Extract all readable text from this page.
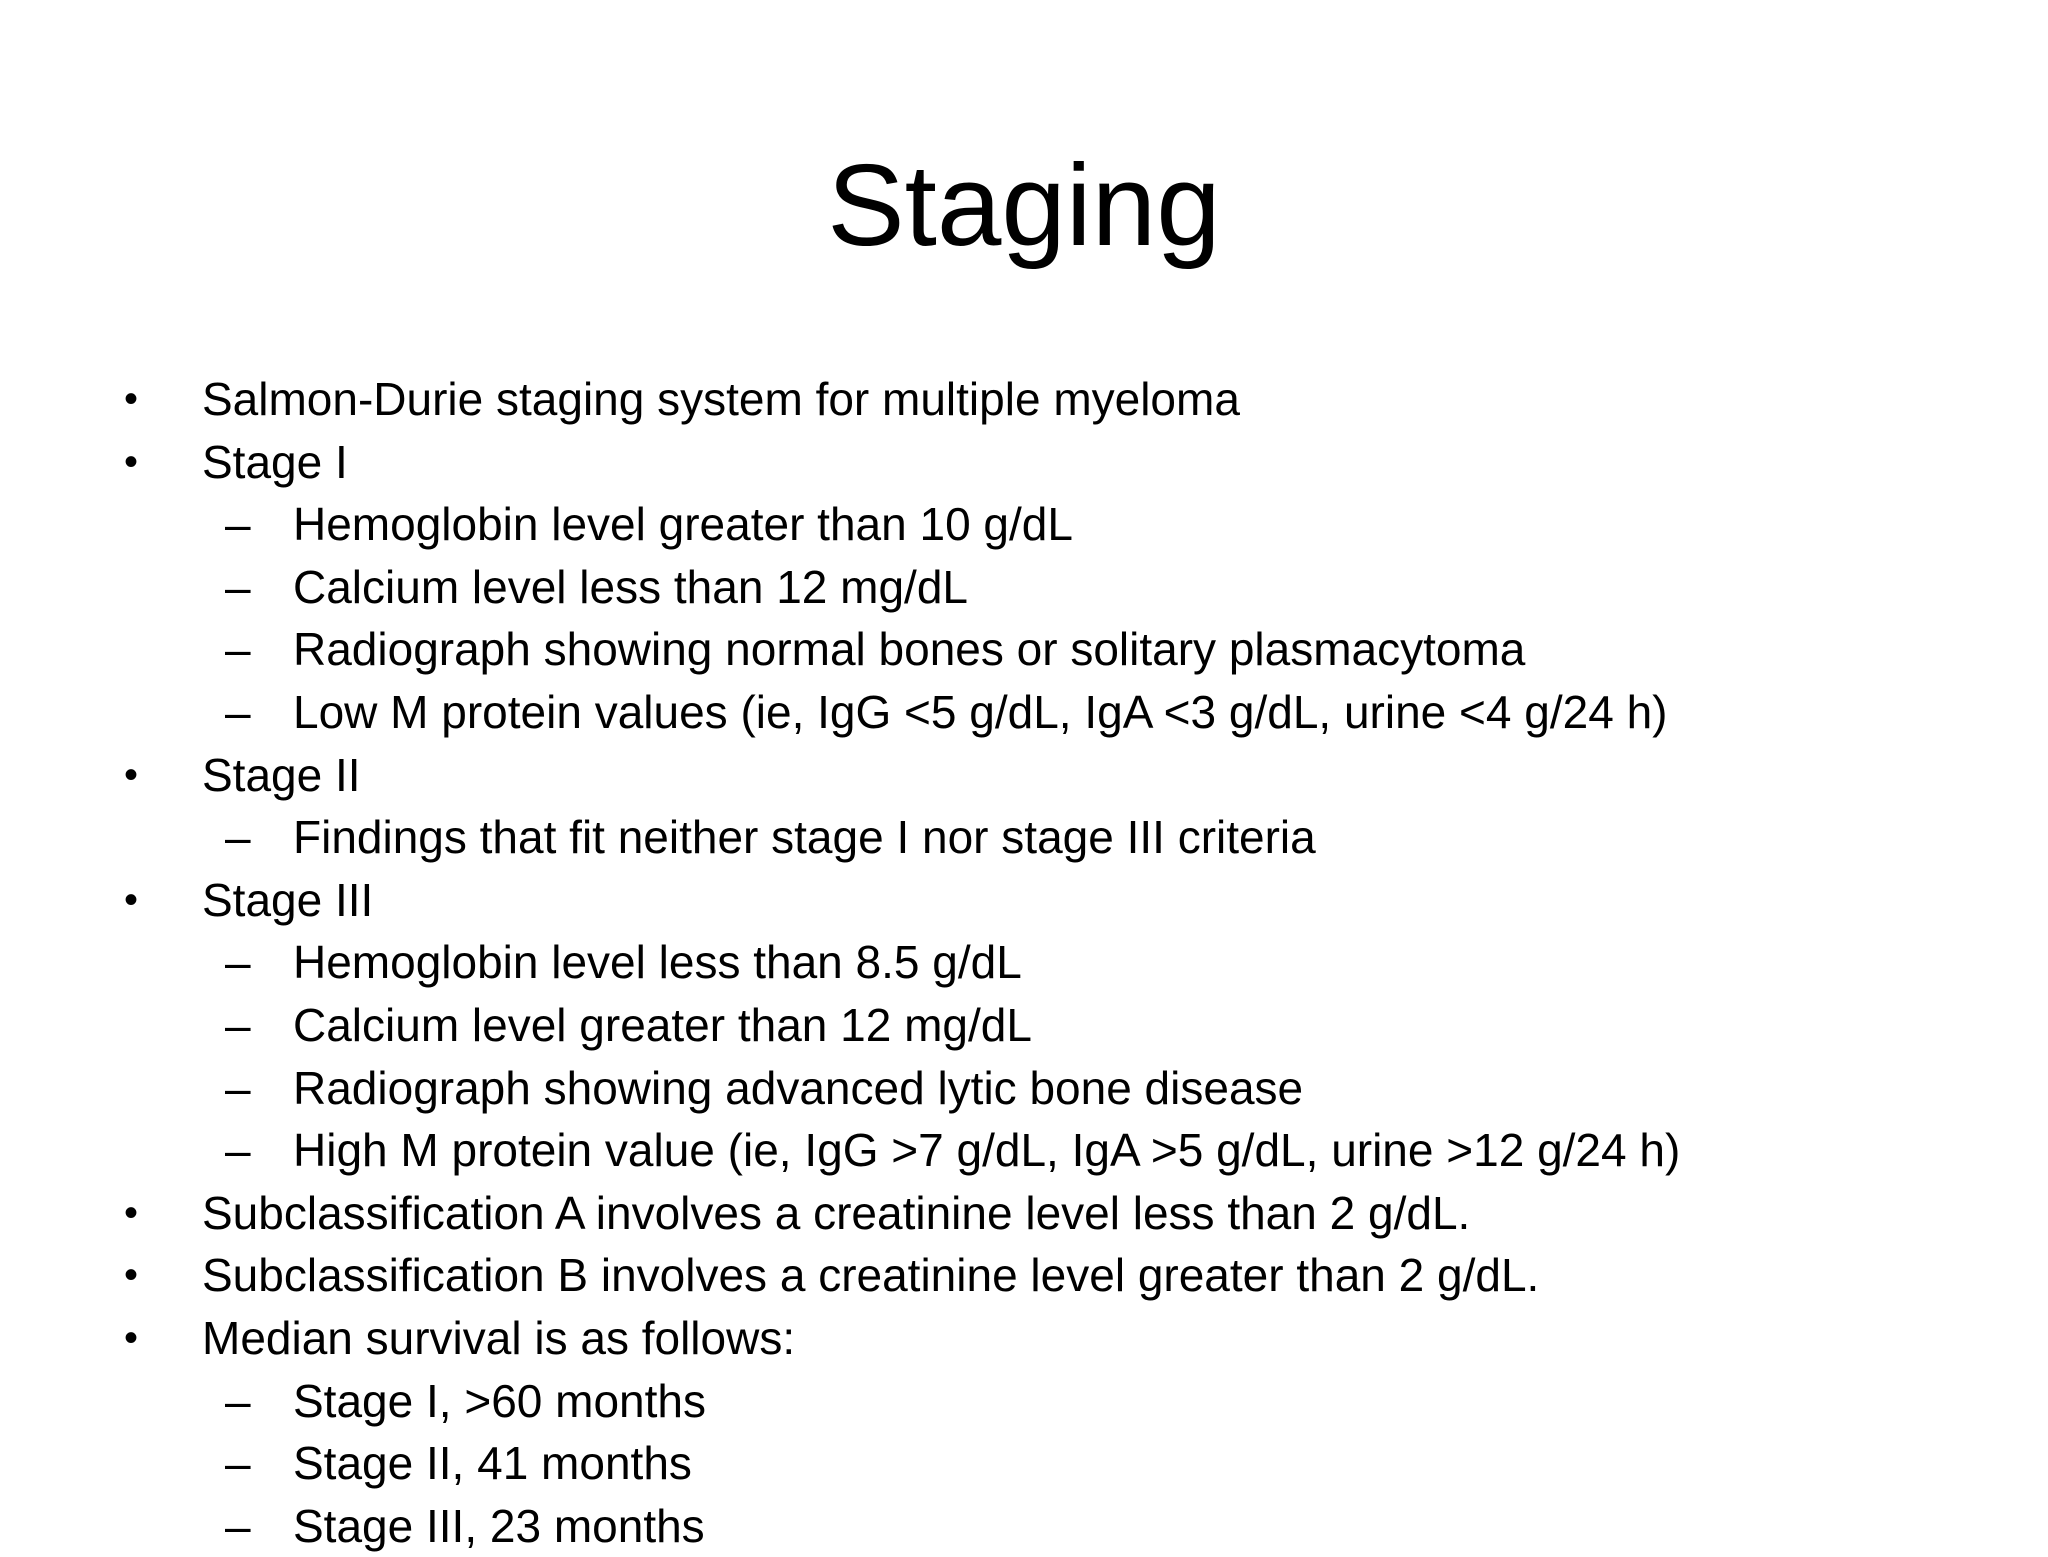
Staging
• Salmon-Durie staging system for multiple myeloma
• Stage I
– Hemoglobin level greater than 10 g/dL
– Calcium level less than 12 mg/dL
– Radiograph showing normal bones or solitary plasmacytoma
– Low M protein values (ie, IgG <5 g/dL, IgA <3 g/dL, urine <4 g/24 h)
• Stage II
– Findings that fit neither stage I nor stage III criteria
• Stage III
– Hemoglobin level less than 8.5 g/dL
– Calcium level greater than 12 mg/dL
– Radiograph showing advanced lytic bone disease
– High M protein value (ie, IgG >7 g/dL, IgA >5 g/dL, urine >12 g/24 h)
• Subclassification A involves a creatinine level less than 2 g/dL.
• Subclassification B involves a creatinine level greater than 2 g/dL.
• Median survival is as follows:
– Stage I, >60 months
– Stage II, 41 months
– Stage III, 23 months
